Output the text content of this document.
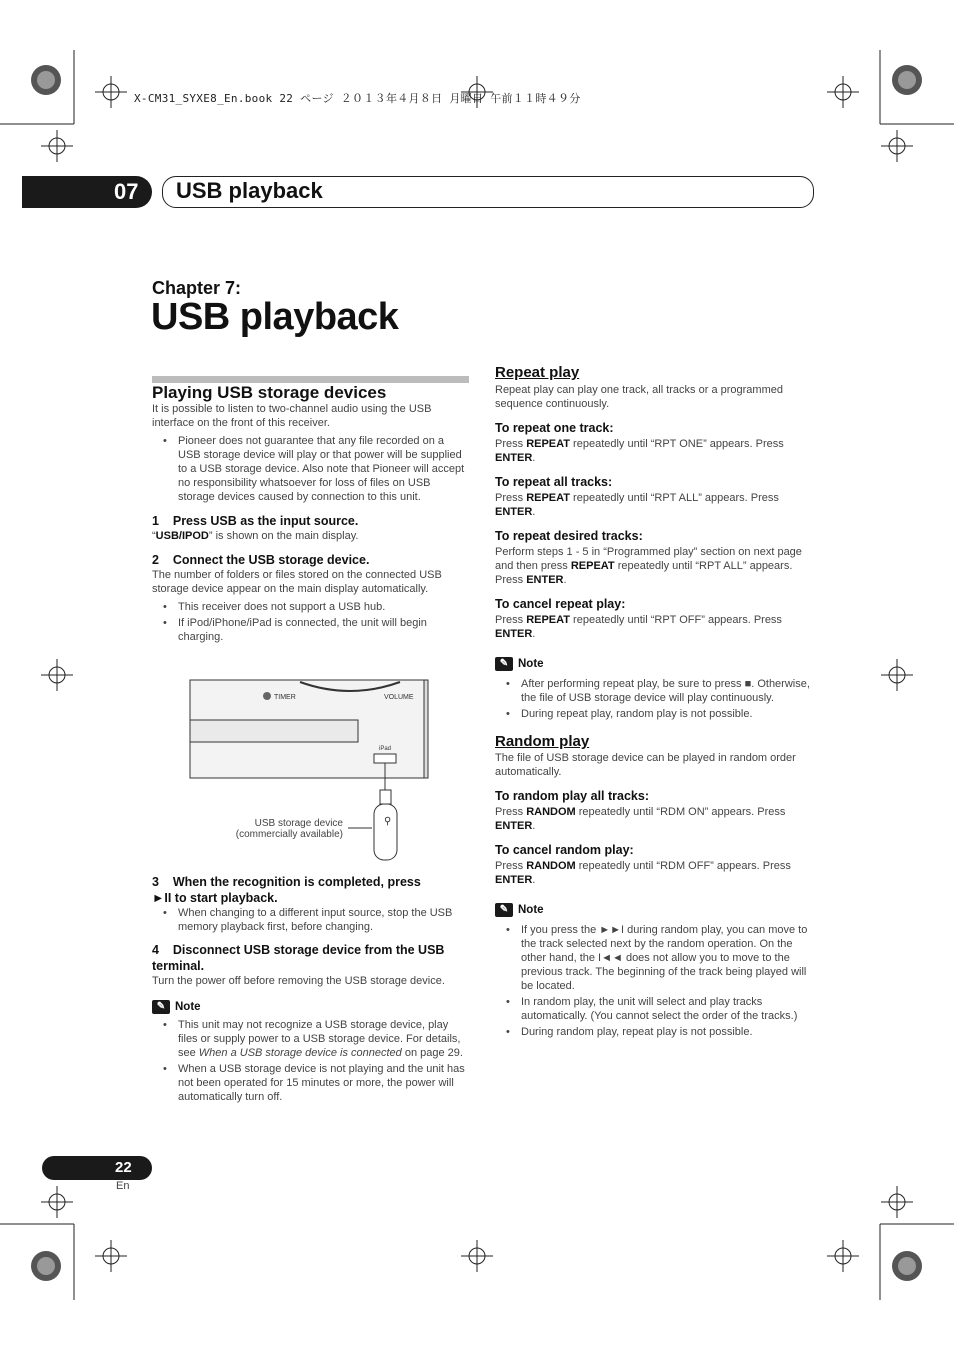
X-CM31_SYXE8_En.book 22 ページ ２０１３年４月８日 月曜日 午前１１時４９分
07 USB playback
Chapter 7:
USB playback
Playing USB storage devices

It is possible to listen to two-channel audio using the USB interface on the front of this receiver.

• Pioneer does not guarantee that any file recorded on a USB storage device will play or that power will be supplied to a USB storage device. Also note that Pioneer will accept no responsibility whatsoever for loss of files on USB storage devices caused by connection to this unit.
1 Press USB as the input source.

“USB/IPOD” is shown on the main display.

2 Connect the USB storage device.

The number of folders or files stored on the connected USB storage device appear on the main display automatically.

• This receiver does not support a USB hub.
• If iPod/iPhone/iPad is connected, the unit will begin charging.
TIMER	VOLUME
iPad
⚲
USB storage device
(commercially available)
3 When the recognition is completed, press
►II to start playback.
• When changing to a different input source, stop the USB memory playback first, before changing.
4 Disconnect USB storage device from the USB terminal.

Turn the power off before removing the USB storage device.

✎ Note
• This unit may not recognize a USB storage device, play files or supply power to a USB storage device. For details, see When a USB storage device is connected on page 29.
• When a USB storage device is not playing and the unit has not been operated for 15 minutes or more, the power will automatically turn off.
Repeat play

Repeat play can play one track, all tracks or a programmed sequence continuously.

To repeat one track:

Press REPEAT repeatedly until “RPT ONE” appears. Press ENTER.

To repeat all tracks:

Press REPEAT repeatedly until “RPT ALL” appears. Press ENTER.

To repeat desired tracks:

Perform steps 1 - 5 in “Programmed play” section on next page and then press REPEAT repeatedly until “RPT ALL” appears. Press ENTER.

To cancel repeat play:

Press REPEAT repeatedly until “RPT OFF” appears. Press ENTER.

✎ Note
• After performing repeat play, be sure to press ■. Otherwise, the file of USB storage device will play continuously.
• During repeat play, random play is not possible.
Random play

The file of USB storage device can be played in random order automatically.

To random play all tracks:

Press RANDOM repeatedly until “RDM ON” appears. Press ENTER.

To cancel random play:

Press RANDOM repeatedly until “RDM OFF” appears. Press ENTER.

✎ Note
• If you press the ►►I during random play, you can move to the track selected next by the random operation. On the other hand, the I◄◄ does not allow you to move to the previous track. The beginning of the track being played will be located.
• In random play, the unit will select and play tracks automatically. (You cannot select the order of the tracks.)
• During random play, repeat play is not possible.
22
En
